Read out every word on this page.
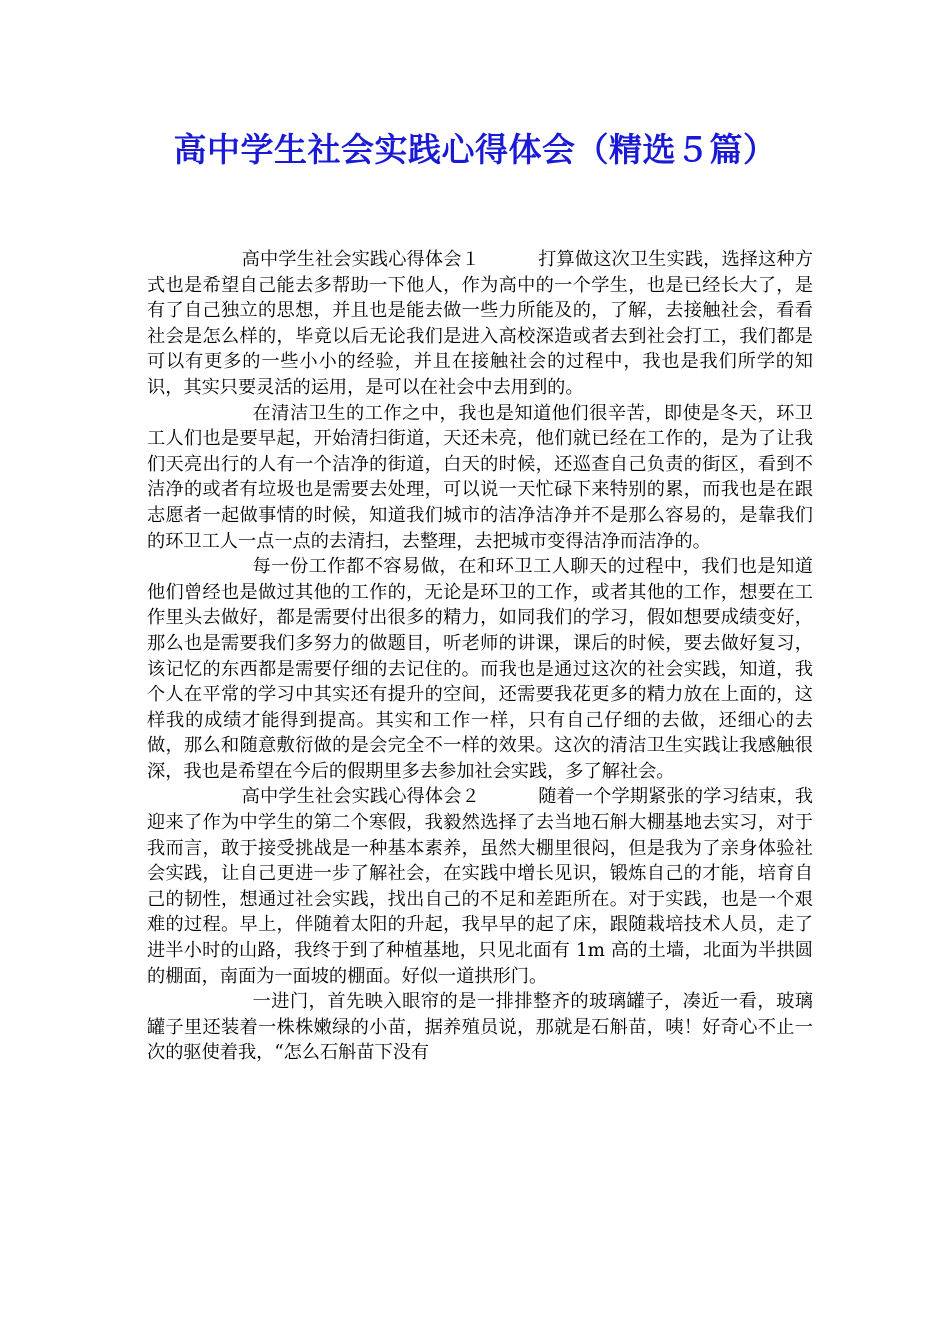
高中学生社会实践心得体会（精选５篇）

高中学生社会实践心得体会１	打算做这次卫生实践，选择这种方式也是希望自己能去多帮助一下他人，作为高中的一个学生，也是已经长大了，是有了自己独立的思想，并且也是能去做一些力所能及的，了解，去接触社会，看看社会是怎么样的，毕竟以后无论我们是进入高校深造或者去到社会打工，我们都是可以有更多的一些小小的经验，并且在接触社会的过程中，我也是我们所学的知识，其实只要灵活的运用，是可以在社会中去用到的。

在清洁卫生的工作之中，我也是知道他们很辛苦，即使是冬天，环卫工人们也是要早起，开始清扫街道，天还未亮，他们就已经在工作的，是为了让我们天亮出行的人有一个洁净的街道，白天的时候，还巡查自己负责的街区，看到不洁净的或者有垃圾也是需要去处理，可以说一天忙碌下来特别的累，而我也是在跟志愿者一起做事情的时候，知道我们城市的洁净洁净并不是那么容易的，是靠我们的环卫工人一点一点的去清扫，去整理，去把城市变得洁净而洁净的。

每一份工作都不容易做，在和环卫工人聊天的过程中，我们也是知道他们曾经也是做过其他的工作的，无论是环卫的工作，或者其他的工作，想要在工作里头去做好，都是需要付出很多的精力，如同我们的学习，假如想要成绩变好，那么也是需要我们多努力的做题目，听老师的讲课，课后的时候，要去做好复习，该记忆的东西都是需要仔细的去记住的。而我也是通过这次的社会实践，知道，我个人在平常的学习中其实还有提升的空间，还需要我花更多的精力放在上面的，这样我的成绩才能得到提高。其实和工作一样，只有自己仔细的去做，还细心的去做，那么和随意敷衍做的是会完全不一样的效果。这次的清洁卫生实践让我感触很深，我也是希望在今后的假期里多去参加社会实践，多了解社会。

高中学生社会实践心得体会２	随着一个学期紧张的学习结束，我迎来了作为中学生的第二个寒假，我毅然选择了去当地石斛大棚基地去实习，对于我而言，敢于接受挑战是一种基本素养，虽然大棚里很闷，但是我为了亲身体验社会实践，让自己更进一步了解社会，在实践中增长见识，锻炼自己的才能，培育自己的韧性，想通过社会实践，找出自己的不足和差距所在。对于实践，也是一个艰难的过程。早上，伴随着太阳的升起，我早早的起了床，跟随栽培技术人员，走了进半小时的山路，我终于到了种植基地，只见北面有 1m 高的土墙，北面为半拱圆的棚面，南面为一面坡的棚面。好似一道拱形门。

一进门，首先映入眼帘的是一排排整齐的玻璃罐子，凑近一看，玻璃罐子里还装着一株株嫩绿的小苗，据养殖员说，那就是石斛苗，咦！好奇心不止一次的驱使着我，“怎么石斛苗下没有
